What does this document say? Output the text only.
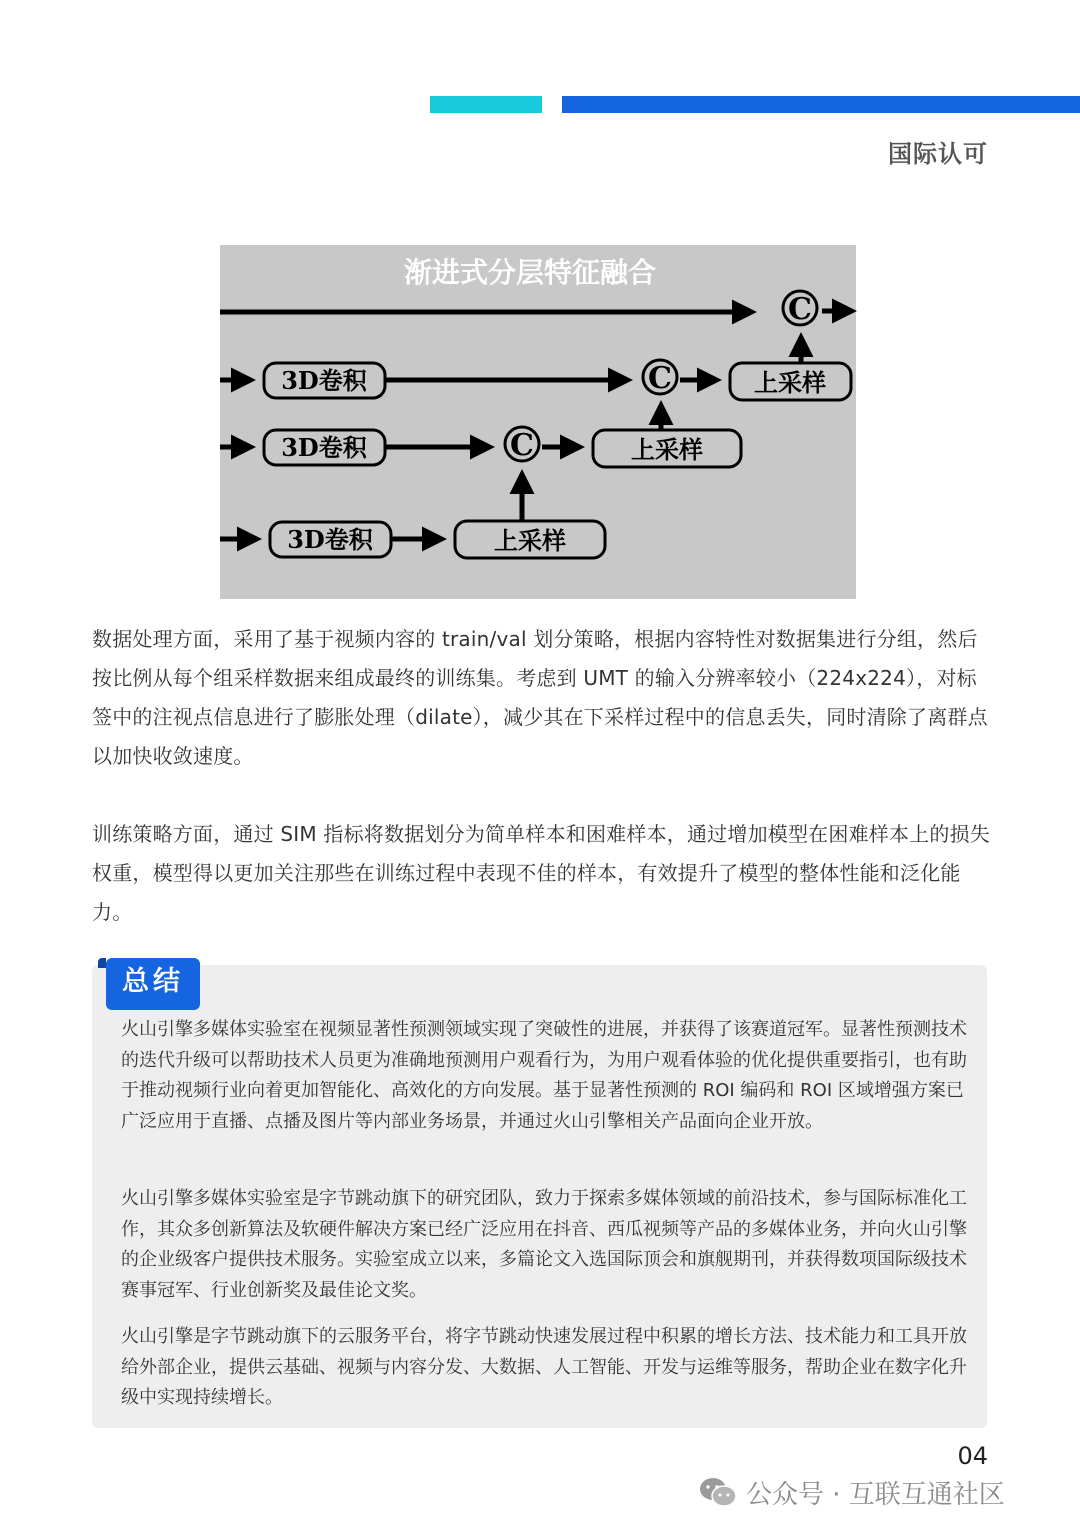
国际认可
渐进式分层特征融合
C
3D卷积	C	上采样
3D卷积	C	上采样
3D卷积	上采样

数据处理方面，采用了基于视频内容的 train/val 划分策略，根据内容特性对数据集进行分组，然后按比例从每个组采样数据来组成最终的训练集。考虑到 UMT 的输入分辨率较小（224x224），对标签中的注视点信息进行了膨胀处理（dilate），减少其在下采样过程中的信息丢失，同时清除了离群点以加快收敛速度。

训练策略方面，通过 SIM 指标将数据划分为简单样本和困难样本，通过增加模型在困难样本上的损失权重，模型得以更加关注那些在训练过程中表现不佳的样本，有效提升了模型的整体性能和泛化能力。

总结

火山引擎多媒体实验室在视频显著性预测领域实现了突破性的进展，并获得了该赛道冠军。显著性预测技术的迭代升级可以帮助技术人员更为准确地预测用户观看行为，为用户观看体验的优化提供重要指引，也有助于推动视频行业向着更加智能化、高效化的方向发展。基于显著性预测的 ROI 编码和 ROI 区域增强方案已广泛应用于直播、点播及图片等内部业务场景，并通过火山引擎相关产品面向企业开放。

火山引擎多媒体实验室是字节跳动旗下的研究团队，致力于探索多媒体领域的前沿技术，参与国际标准化工作，其众多创新算法及软硬件解决方案已经广泛应用在抖音、西瓜视频等产品的多媒体业务，并向火山引擎的企业级客户提供技术服务。实验室成立以来，多篇论文入选国际顶会和旗舰期刊，并获得数项国际级技术赛事冠军、行业创新奖及最佳论文奖。

火山引擎是字节跳动旗下的云服务平台，将字节跳动快速发展过程中积累的增长方法、技术能力和工具开放给外部企业，提供云基础、视频与内容分发、大数据、人工智能、开发与运维等服务，帮助企业在数字化升级中实现持续增长。

04
公众号 · 互联互通社区
